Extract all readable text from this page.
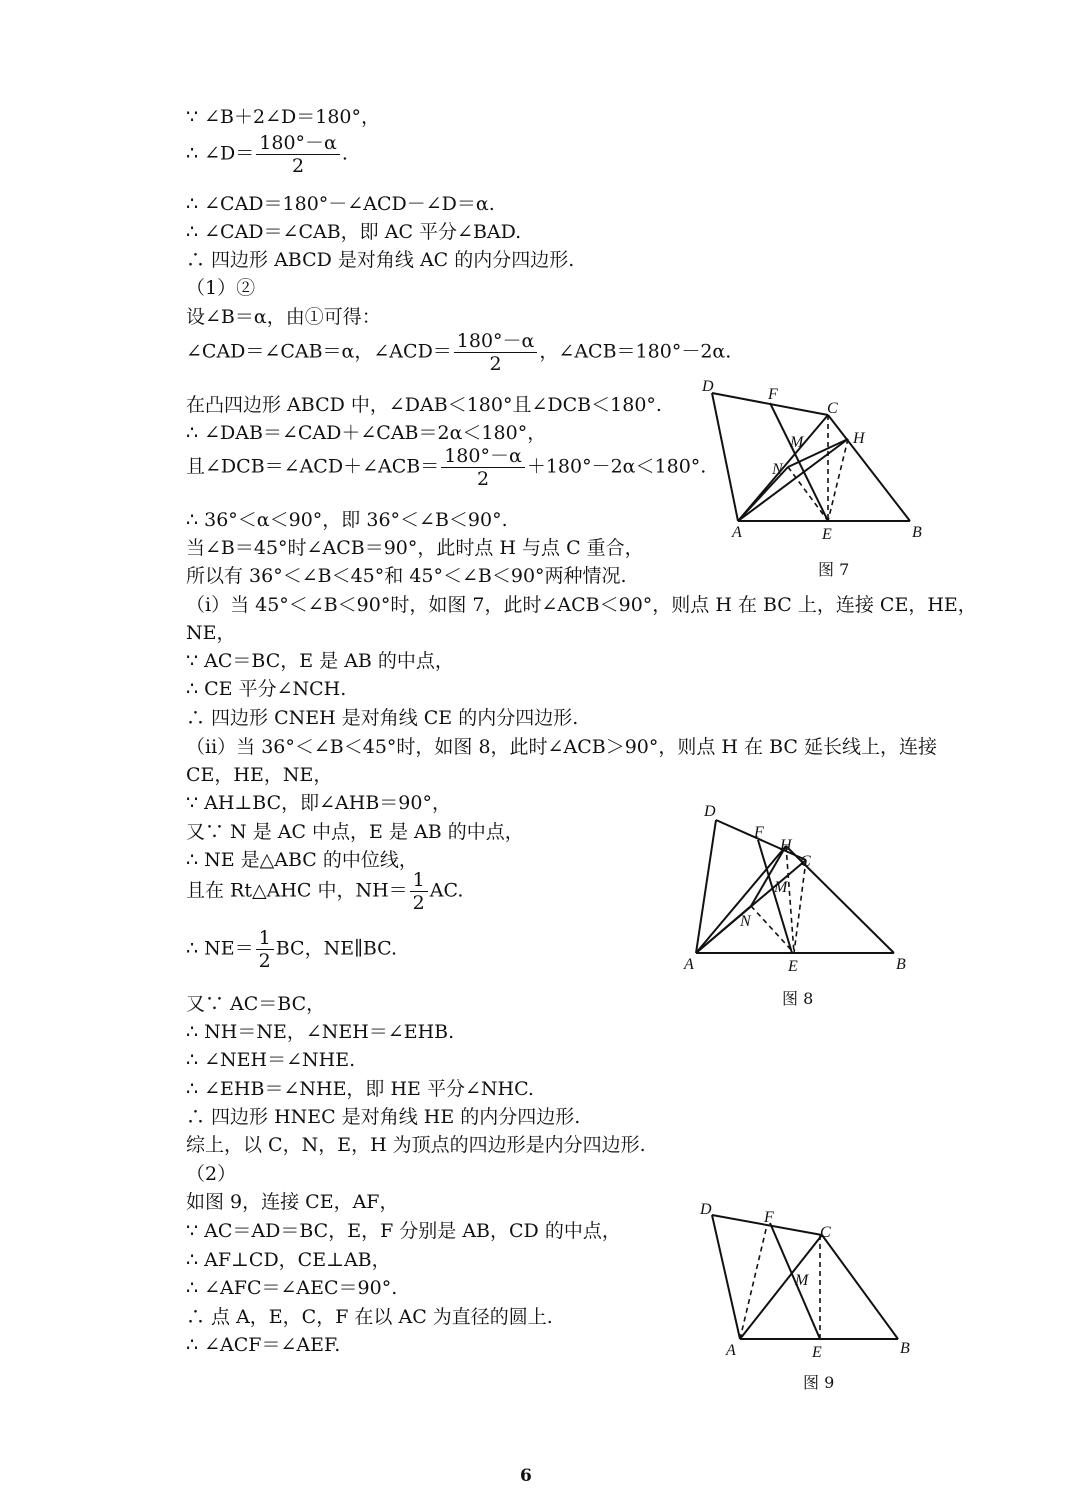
∵ ∠B＋2∠D＝180°，
∴ ∠D＝ $\frac{180^\circ-\alpha}{2}$ .
∴ ∠CAD＝180°－∠ACD－∠D＝α.
∴ ∠CAD＝∠CAB，即 AC 平分∠BAD.
∴ 四边形 ABCD 是对角线 AC 的内分四边形.
（1）②
设∠B＝α，由①可得：
∠CAD＝∠CAB＝α，∠ACD＝ $\frac{180^\circ-\alpha}{2}$ ，∠ACB＝180°－2α.
在凸四边形 ABCD 中，∠DAB＜180°且∠DCB＜180°.
∴ ∠DAB＝∠CAD＋∠CAB＝2α＜180°，
且∠DCB＝∠ACD＋∠ACB＝ $\frac{180^\circ-\alpha}{2} +180^\circ-2\alpha<180^\circ$.
∴ 36°＜α＜90°，即 36°＜∠B＜90°.
当∠B＝45°时∠ACB＝90°，此时点 H 与点 C 重合，
所以有 36°＜∠B＜45°和 45°＜∠B＜90°两种情况.
（i）当 45°＜∠B＜90°时，如图 7，此时∠ACB＜90°，则点 H 在 BC 上，连接 CE，HE，
NE，
∵ AC＝BC，E 是 AB 的中点，
∴ CE 平分∠NCH.
∴ 四边形 CNEH 是对角线 CE 的内分四边形.
（ii）当 36°＜∠B＜45°时，如图 8，此时∠ACB＞90°，则点 H 在 BC 延长线上，连接
CE，HE，NE，
∵ AH⊥BC，即∠AHB＝90°，
又∵ N 是 AC 中点，E 是 AB 的中点，
∴ NE 是△ABC 的中位线，
且在 Rt△AHC 中，$NH= \frac{1}{2}$ AC.
∴ $NE= \frac{1}{2}$ BC，NE∥BC.
又∵ AC＝BC，
∴ NH＝NE，∠NEH＝∠EHB.
∴ ∠NEH＝∠NHE.
∴ ∠EHB＝∠NHE，即 HE 平分∠NHC.
∴ 四边形 HNEC 是对角线 HE 的内分四边形.
综上，以 C，N，E，H 为顶点的四边形是内分四边形.
（2）
如图 9，连接 CE，AF，
∵ AC＝AD＝BC，E，F 分别是 AB，CD 的中点，
∴ AF⊥CD，CE⊥AB，
∴ ∠AFC＝∠AEC＝90°.
∴ 点 A，E，C，F 在以 AC 为直径的圆上.
∴ ∠ACF＝∠AEF.
D	F
C
M	H
N
A	E	B
图 7
D
F
H
C
M
N
A	E	B
图 8
D	F
C
M
A	E	B
图 9
6
